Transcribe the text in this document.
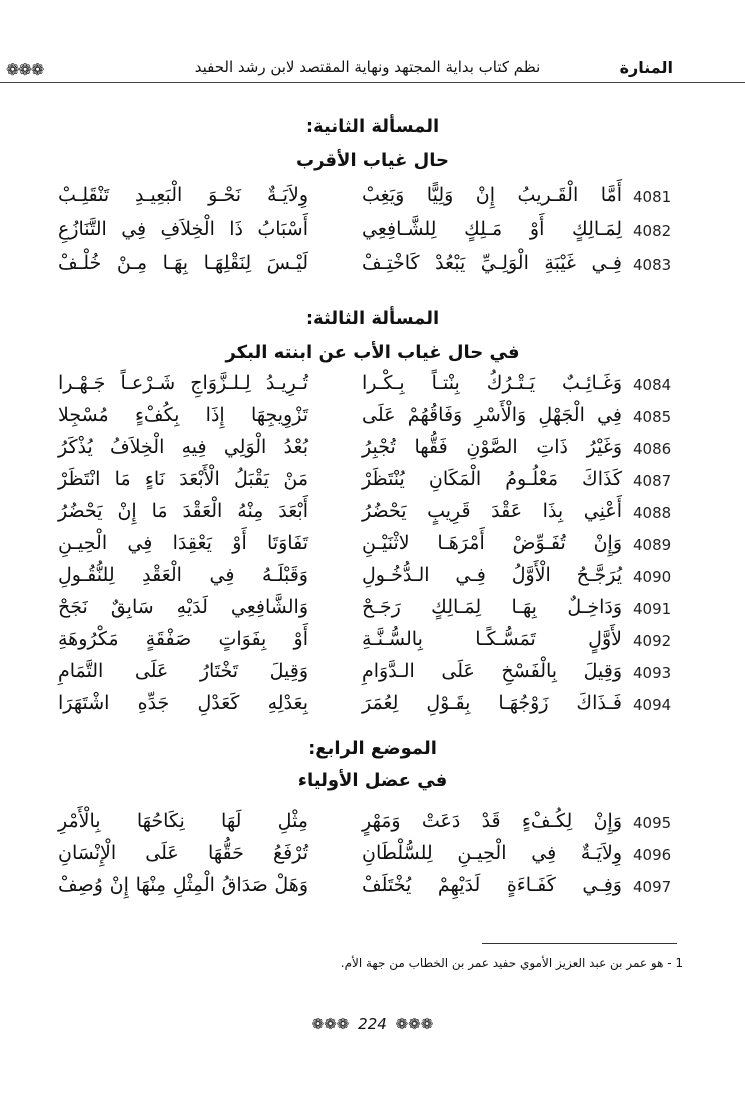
❁❁❁	نظم كتاب بداية المجتهد ونهاية المقتصد لابن رشد الحفيد	المنارة
المسألة الثانية:
حال غياب الأقرب
4081
أَمَّا الْقَـريبُ إِنْ وَلِيًّا وَيَغِبْ
وِلاَيَـةٌ نَحْـوَ الْبَعِيـدِ تَنْقَلِـبْ
4082
لِمَـالِكٍ أَوْ مَـلِكٍ لِلشَّـافِعِي
أَسْبَابُ ذَا الْخِلاَفِ فِي التَّنَازُعِ
4083
فِـي غَيْبَةِ الْوَلِـيِّ يَبْعُدْ كَاخْتِـفْ
لَيْـسَ لِنَقْلِهَـا بِهَـا مِـنْ خُلْـفْ
المسألة الثالثة:
في حال غياب الأب عن ابنته البكر
4084
وَغَـائِـبٌ يَـتْـرُكُ بِنْتـاً بِـكْـرا
تُـرِيـدُ لِـلـزَّوَاجِ شَـرْعـاً جَـهْـرا
4085
فِي الْجَهْلِ وَالْأَسْرِ وَفَاقُهُمْ عَلَى
تَزْوِيجِهَا إِذَا بِكُفْءٍ مُسْجِلا
4086
وَغَيْرُ ذَاتِ الصَّوْنِ فَقُّها تُجْبِرُ
بُعْدُ الْوَلِي فِيهِ الْخِلاَفُ يُذْكَرُ
4087
كَذَاكَ مَعْلُـومُ الْمَكَانِ يُنْتَظَرْ
مَنْ يَقْبَلُ الْأَبْعَدَ نَاءٍ مَا انْتَظَرْ
4088
أَعْنِي بِذَا عَقْدَ قَرِيبٍ يَحْضُرُ
أَبْعَدَ مِنْهُ الْعَقْدَ مَا إِنْ يَحْضُرُ
4089
وَإِنْ تُفَـوِّضْ أَمْرَهَـا لاثْنَيْـنِ
تَفَاوَتَا أَوْ يَعْقِدَا فِي الْحِيـنِ
4090
يُرَجَّـحُ الْأَوَّلُ فِـي الـدُّخُـولِ
وَقَبْلَـهُ فِي الْعَقْدِ لِلنُّقُـولِ
4091
وَدَاخِـلٌ بِهَـا لِمَـالِكٍ رَجَـحْ
وَالشَّافِعِي لَدَيْهِ سَابِقٌ نَجَحْ
4092
لأَوَّلٍ تَمَسُّـكًـا بِالسُّـنَّـةِ
أَوْ بِفَوَاتٍ صَفْقَةٍ مَكْرُوهَةِ
4093
وَقِيلَ بِالْفَسْخِ عَلَى الـدَّوَامِ
وَقِيلَ تَخْتَارُ عَلَى التَّمَامِ
4094
فَـذَاكَ زَوْجُهَـا بِقَـوْلِ لِعُمَرَ
بِعَدْلِهِ كَعَدْلِ جَدِّهِ اشْتَهَرَا
الموضع الرابع:
في عضل الأولياء
4095
وَإِنْ لِكُـفْءٍ قَدْ دَعَتْ وَمَهْرٍ
مِثْلِ لَهَا نِكَاحُهَا بِالْأَمْرِ
4096
وِلاَيَـةٌ فِي الْحِيـنِ لِلسُّلْطَانِ
تُرْفَعُ حَقُّهَا عَلَى الْإِنْسَانِ
4097
وَفِـي كَفَـاءَةٍ لَدَيْهِمْ يُخْتَلَفْ
وَهَلْ صَدَاقُ الْمِثْلِ مِنْهَا إِنْ وُصِفْ
1 - هو عمر بن عبد العزيز الأموي حفيد عمر بن الخطاب من جهة الأم.
❁❁❁ 224 ❁❁❁
